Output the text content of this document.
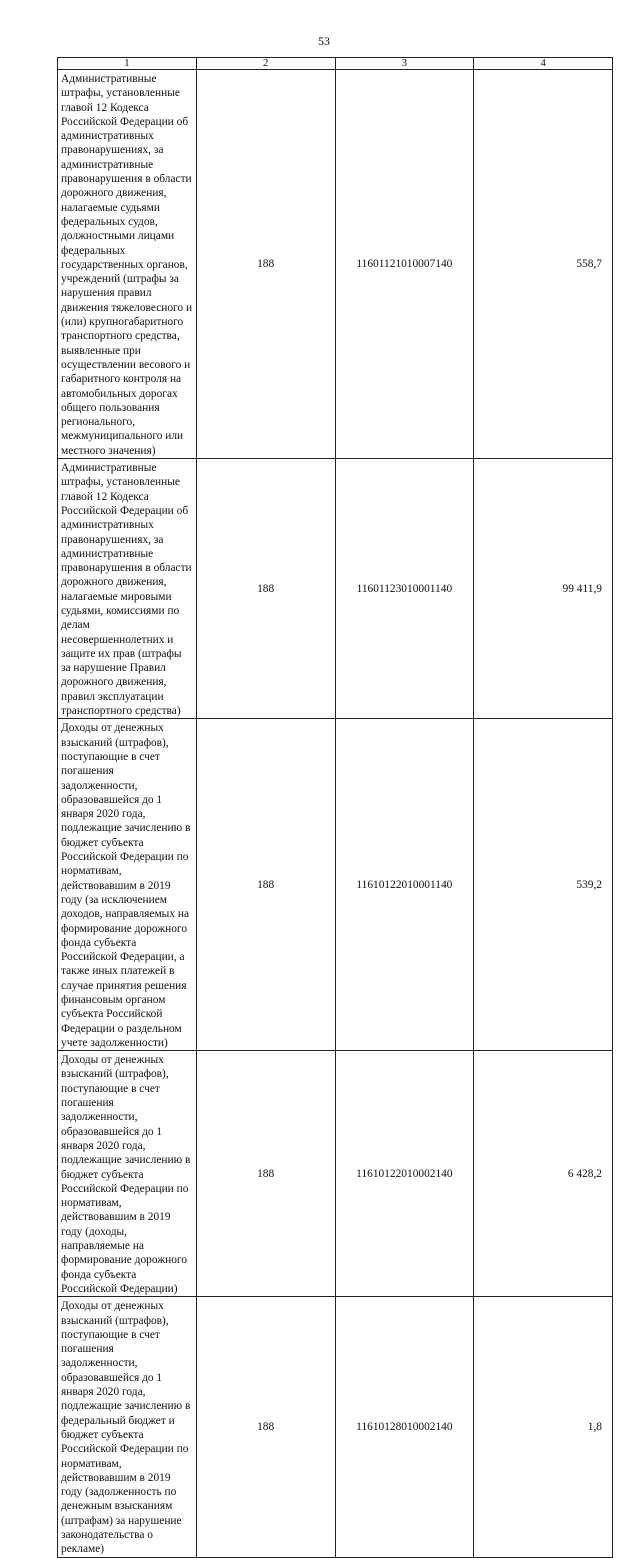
53
1	2	3	4
Административные штрафы, установленные главой 12 Кодекса Российской Федерации об административных правонарушениях, за административные правонарушения в области дорожного движения, налагаемые судьями федеральных судов, должностными лицами федеральных государственных органов, учреждений (штрафы за нарушения правил движения тяжеловесного и (или) крупногабаритного транспортного средства, выявленные при осуществлении весового и габаритного контроля на автомобильных дорогах общего пользования регионального, межмуниципального или местного значения)	188	11601121010007140	558,7
Административные штрафы, установленные главой 12 Кодекса Российской Федерации об административных правонарушениях, за административные правонарушения в области дорожного движения, налагаемые мировыми судьями, комиссиями по делам несовершеннолетних и защите их прав (штрафы за нарушение Правил дорожного движения, правил эксплуатации транспортного средства)	188	11601123010001140	99 411,9
Доходы от денежных взысканий (штрафов), поступающие в счет погашения задолженности, образовавшейся до 1 января 2020 года, подлежащие зачислению в бюджет субъекта Российской Федерации по нормативам, действовавшим в 2019 году (за исключением доходов, направляемых на формирование дорожного фонда субъекта Российской Федерации, а также иных платежей в случае принятия решения финансовым органом субъекта Российской Федерации о раздельном учете задолженности)	188	11610122010001140	539,2
Доходы от денежных взысканий (штрафов), поступающие в счет погашения задолженности, образовавшейся до 1 января 2020 года, подлежащие зачислению в бюджет субъекта Российской Федерации по нормативам, действовавшим в 2019 году (доходы, направляемые на формирование дорожного фонда субъекта Российской Федерации)	188	11610122010002140	6 428,2
Доходы от денежных взысканий (штрафов), поступающие в счет погашения задолженности, образовавшейся до 1 января 2020 года, подлежащие зачислению в федеральный бюджет и бюджет субъекта Российской Федерации по нормативам, действовавшим в 2019 году (задолженность по денежным взысканиям (штрафам) за нарушение законодательства о рекламе)	188	11610128010002140	1,8
